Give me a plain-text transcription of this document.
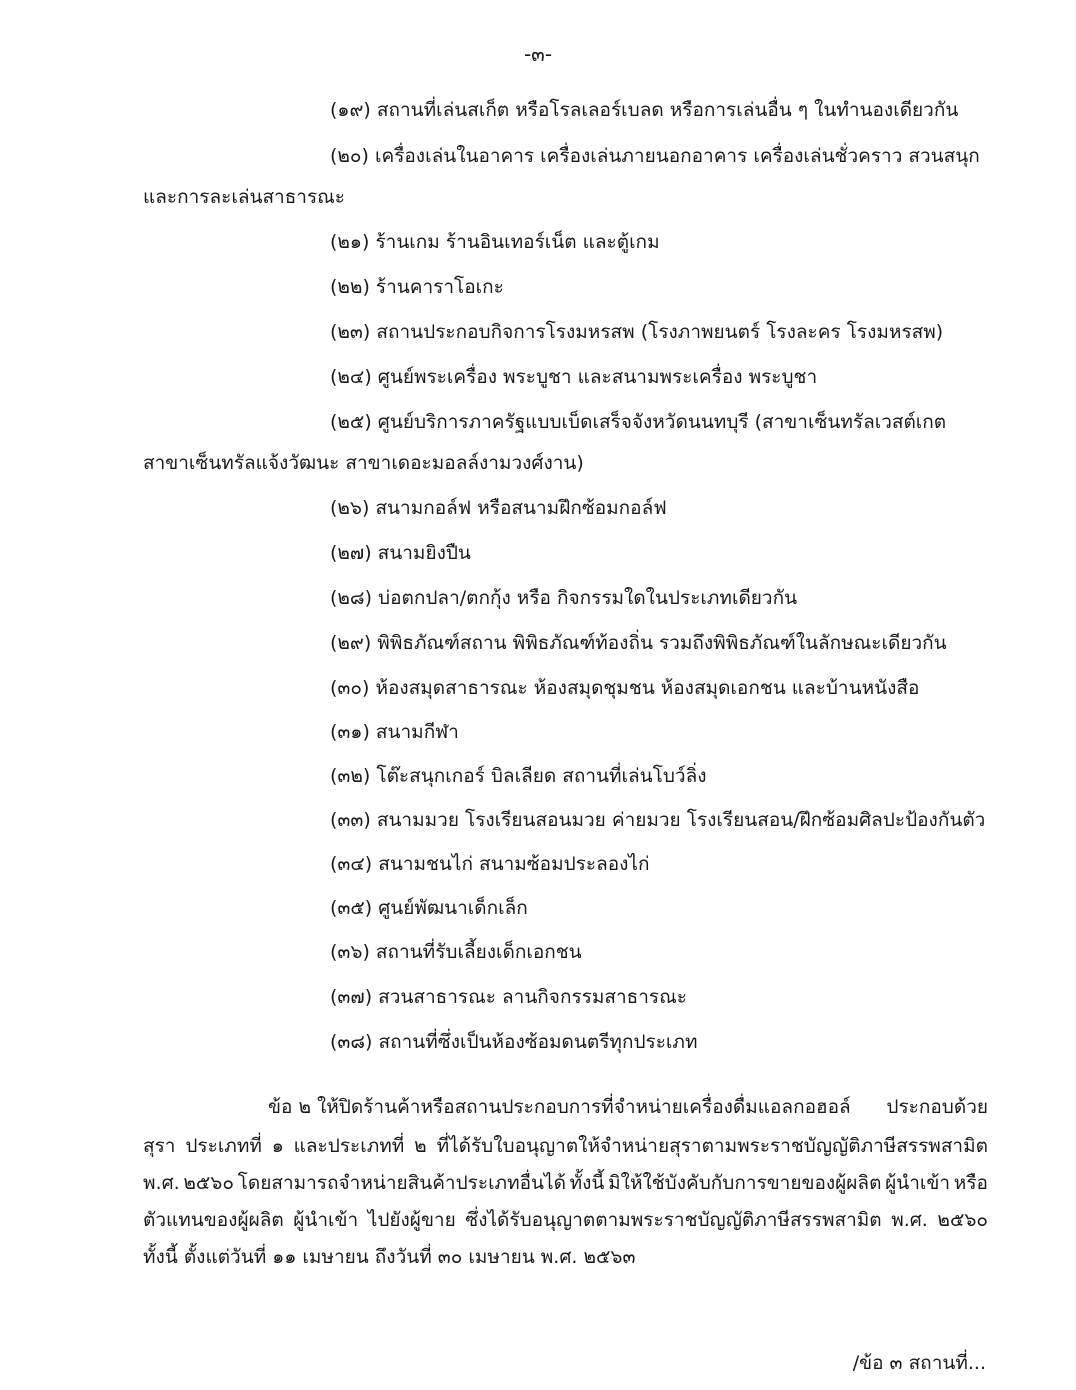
-๓-
(๑๙) สถานที่เล่นสเก็ต หรือโรลเลอร์เบลด หรือการเล่นอื่น ๆ ในทำนองเดียวกัน
(๒๐) เครื่องเล่นในอาคาร เครื่องเล่นภายนอกอาคาร เครื่องเล่นชั่วคราว สวนสนุก
และการละเล่นสาธารณะ
(๒๑) ร้านเกม ร้านอินเทอร์เน็ต และตู้เกม
(๒๒) ร้านคาราโอเกะ
(๒๓) สถานประกอบกิจการโรงมหรสพ (โรงภาพยนตร์ โรงละคร โรงมหรสพ)
(๒๔) ศูนย์พระเครื่อง พระบูชา และสนามพระเครื่อง พระบูชา
(๒๕) ศูนย์บริการภาครัฐแบบเบ็ดเสร็จจังหวัดนนทบุรี (สาขาเซ็นทรัลเวสต์เกต
สาขาเซ็นทรัลแจ้งวัฒนะ สาขาเดอะมอลล์งามวงศ์งาน)
(๒๖) สนามกอล์ฟ หรือสนามฝึกซ้อมกอล์ฟ
(๒๗) สนามยิงปืน
(๒๘) บ่อตกปลา/ตกกุ้ง หรือ กิจกรรมใดในประเภทเดียวกัน
(๒๙) พิพิธภัณฑ์สถาน พิพิธภัณฑ์ท้องถิ่น รวมถึงพิพิธภัณฑ์ในลักษณะเดียวกัน
(๓๐) ห้องสมุดสาธารณะ ห้องสมุดชุมชน ห้องสมุดเอกชน และบ้านหนังสือ
(๓๑) สนามกีฬา
(๓๒) โต๊ะสนุกเกอร์ บิลเลียด สถานที่เล่นโบว์ลิ่ง
(๓๓) สนามมวย โรงเรียนสอนมวย ค่ายมวย โรงเรียนสอน/ฝึกซ้อมศิลปะป้องกันตัว
(๓๔) สนามชนไก่ สนามซ้อมประลองไก่
(๓๕) ศูนย์พัฒนาเด็กเล็ก
(๓๖) สถานที่รับเลี้ยงเด็กเอกชน
(๓๗) สวนสาธารณะ ลานกิจกรรมสาธารณะ
(๓๘) สถานที่ซึ่งเป็นห้องซ้อมดนตรีทุกประเภท
ข้อ ๒ ให้ปิดร้านค้าหรือสถานประกอบการที่จำหน่ายเครื่องดื่มแอลกอฮอล์ ประกอบด้วย
สุรา ประเภทที่ ๑ และประเภทที่ ๒ ที่ได้รับใบอนุญาตให้จำหน่ายสุราตามพระราชบัญญัติภาษีสรรพสามิต
พ.ศ. ๒๕๖๐ โดยสามารถจำหน่ายสินค้าประเภทอื่นได้ ทั้งนี้ มิให้ใช้บังคับกับการขายของผู้ผลิต ผู้นำเข้า หรือ
ตัวแทนของผู้ผลิต ผู้นำเข้า ไปยังผู้ขาย ซึ่งได้รับอนุญาตตามพระราชบัญญัติภาษีสรรพสามิต พ.ศ. ๒๕๖๐
ทั้งนี้ ตั้งแต่วันที่ ๑๑ เมษายน ถึงวันที่ ๓๐ เมษายน พ.ศ. ๒๕๖๓
/ข้อ ๓ สถานที่...
